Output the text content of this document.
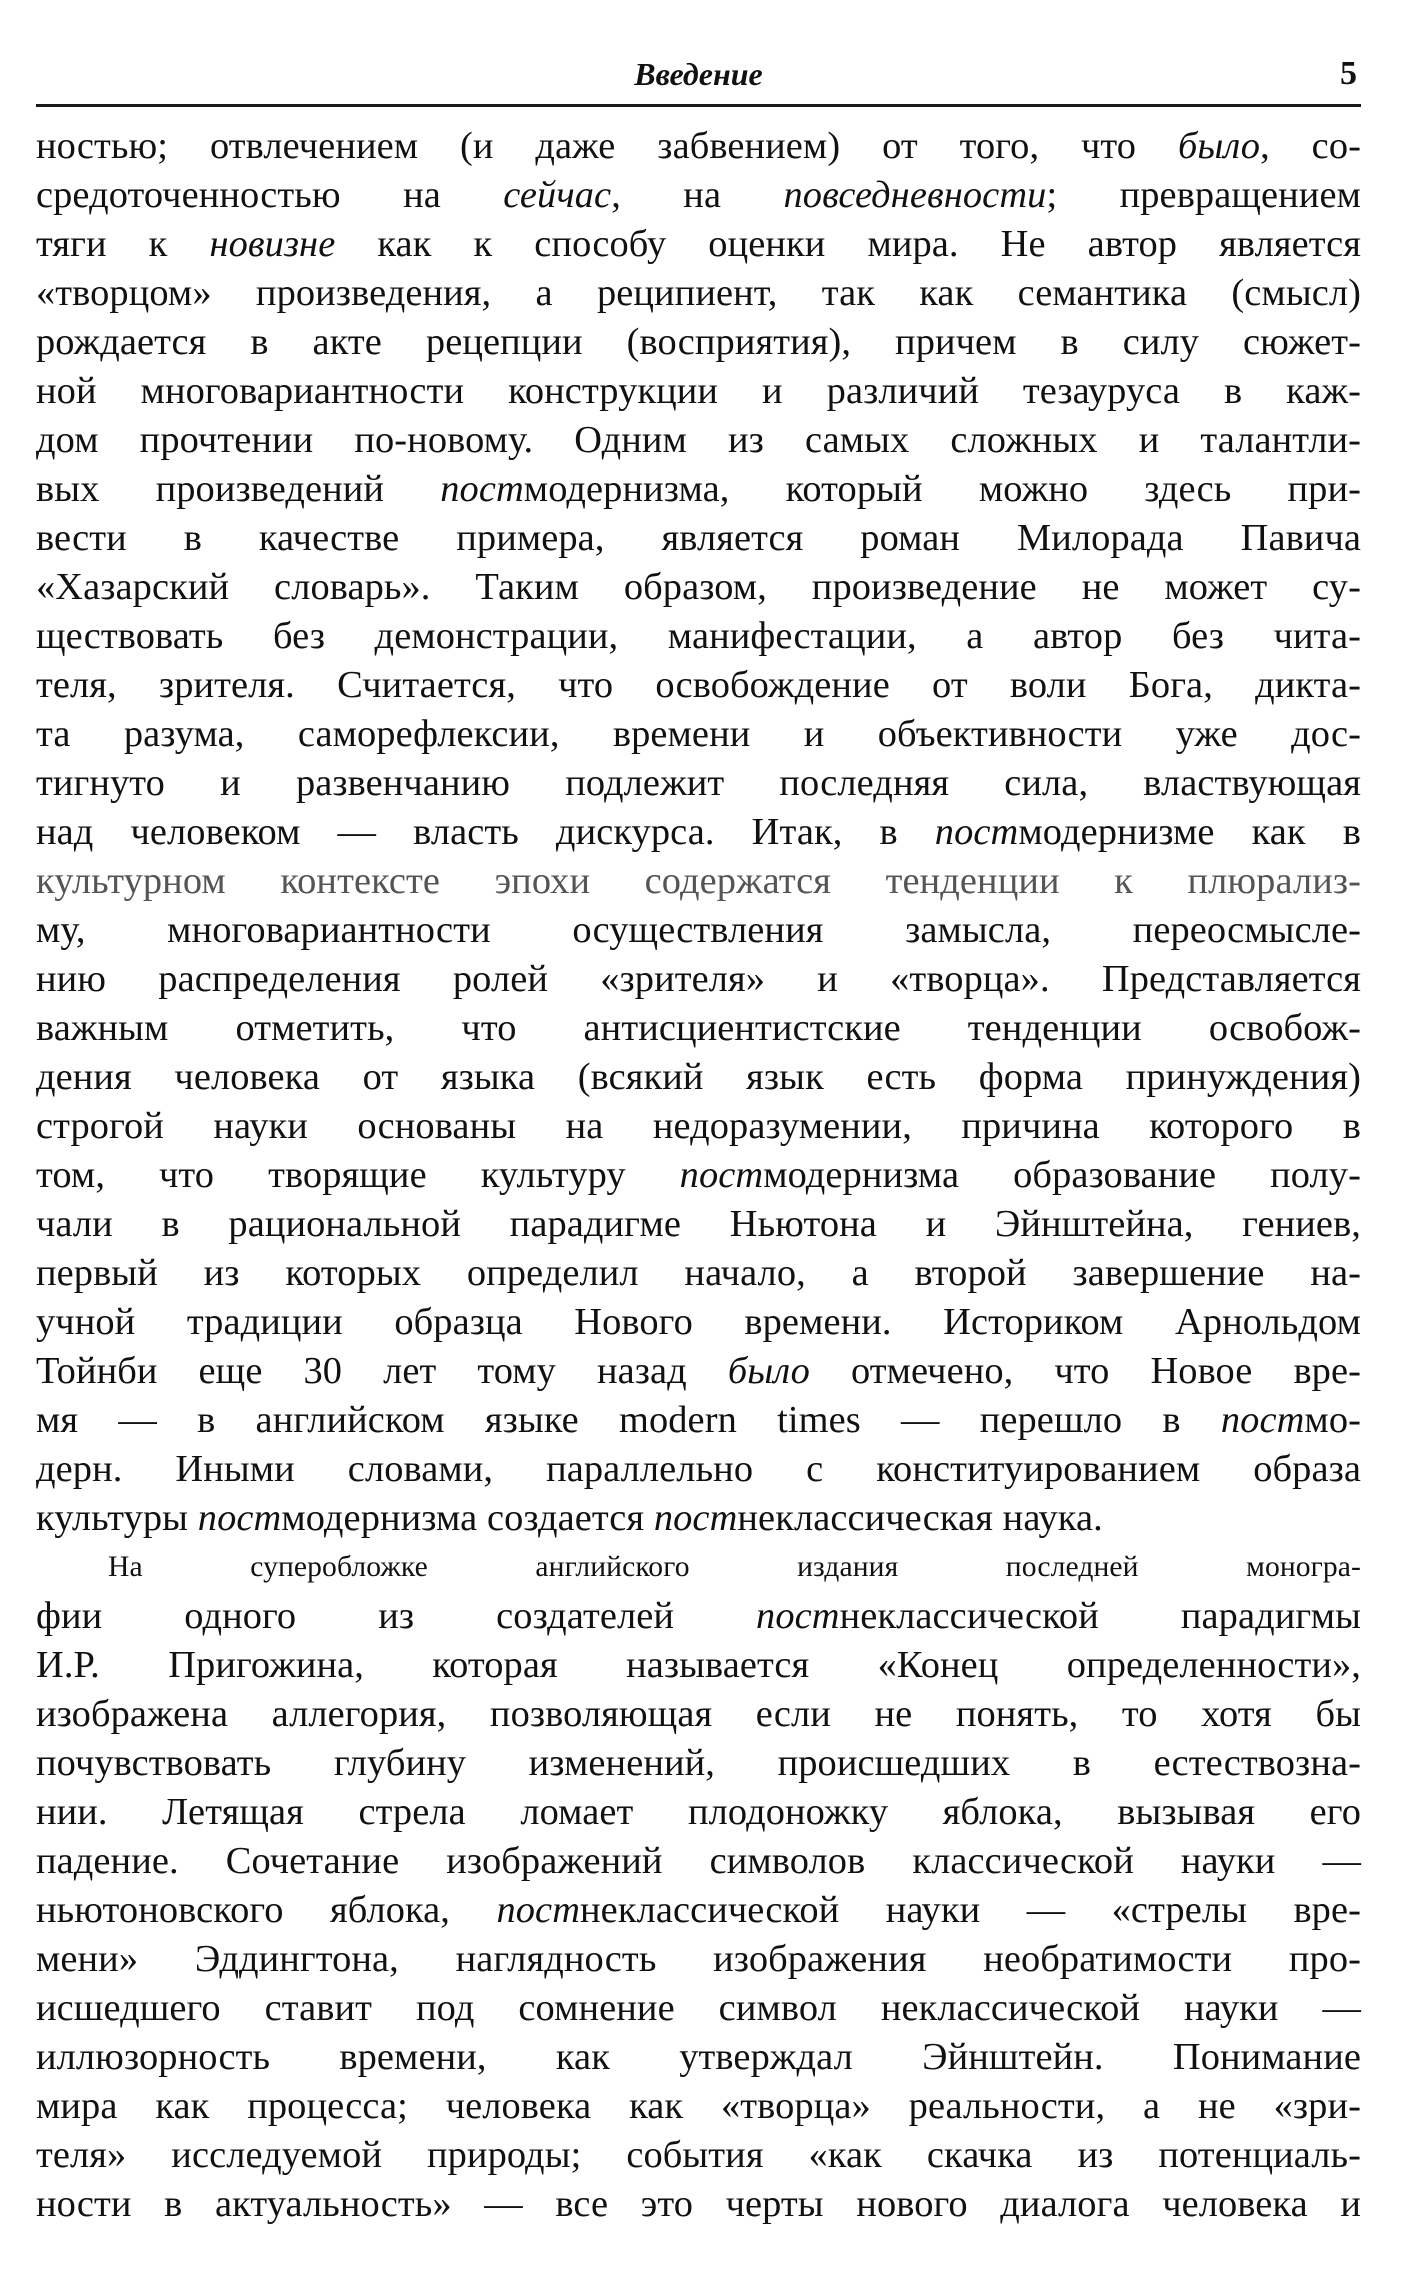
Введение	5
ностью; отвлечением (и даже забвением) от того, что было, со-
средоточенностью на сейчас, на повседневности; превращением
тяги к новизне как к способу оценки мира. Не автор является
«творцом» произведения, а реципиент, так как семантика (смысл)
рождается в акте рецепции (восприятия), причем в силу сюжет-
ной многовариантности конструкции и различий тезауруса в каж-
дом прочтении по-новому. Одним из самых сложных и талантли-
вых произведений постмодернизма, который можно здесь при-
вести в качестве примера, является роман Милорада Павича
«Хазарский словарь». Таким образом, произведение не может су-
ществовать без демонстрации, манифестации, а автор без чита-
теля, зрителя. Считается, что освобождение от воли Бога, дикта-
та разума, саморефлексии, времени и объективности уже дос-
тигнуто и развенчанию подлежит последняя сила, властвующая
над человеком — власть дискурса. Итак, в постмодернизме как в
культурном контексте эпохи содержатся тенденции к плюрализ-
му, многовариантности осуществления замысла, переосмысле-
нию распределения ролей «зрителя» и «творца». Представляется
важным отметить, что антисциентистские тенденции освобож-
дения человека от языка (всякий язык есть форма принуждения)
строгой науки основаны на недоразумении, причина которого в
том, что творящие культуру постмодернизма образование полу-
чали в рациональной парадигме Ньютона и Эйнштейна, гениев,
первый из которых определил начало, а второй завершение на-
учной традиции образца Нового времени. Историком Арнольдом
Тойнби еще 30 лет тому назад было отмечено, что Новое вре-
мя — в английском языке modern times — перешло в постмо-
дерн. Иными словами, параллельно с конституированием образа
культуры постмодернизма создается постнеклассическая наука.
На суперобложке английского издания последней моногра-
фии одного из создателей постнеклассической парадигмы
И.Р. Пригожина, которая называется «Конец определенности»,
изображена аллегория, позволяющая если не понять, то хотя бы
почувствовать глубину изменений, происшедших в естествозна-
нии. Летящая стрела ломает плодоножку яблока, вызывая его
падение. Сочетание изображений символов классической науки —
ньютоновского яблока, постнеклассической науки — «стрелы вре-
мени» Эддингтона, наглядность изображения необратимости про-
исшедшего ставит под сомнение символ неклассической науки —
иллюзорность времени, как утверждал Эйнштейн. Понимание
мира как процесса; человека как «творца» реальности, а не «зри-
теля» исследуемой природы; события «как скачка из потенциаль-
ности в актуальность» — все это черты нового диалога человека и
